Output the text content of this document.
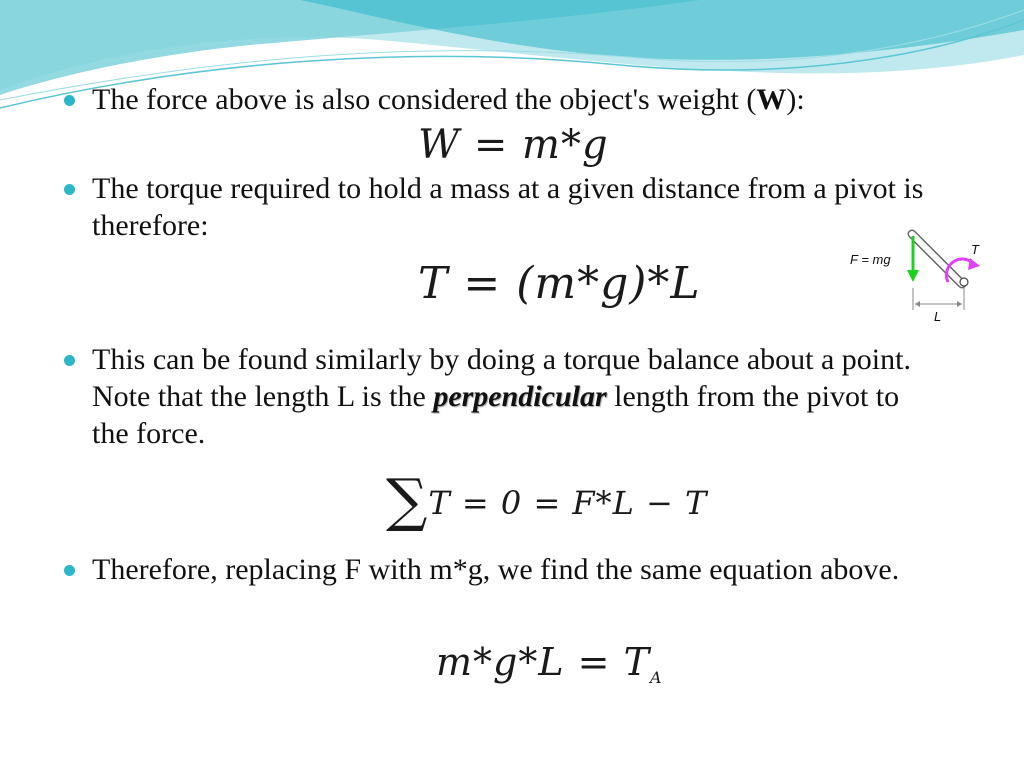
The force above is also considered the object's weight (W):
W = m*g
The torque required to hold a mass at a given distance from a pivot is therefore:
T = (m*g)*L	F = mg
T
L
This can be found similarly by doing a torque balance about a point. Note that the length L is the perpendicular length from the pivot to the force.
∑T = 0 = F*L − T
Therefore, replacing F with m*g, we find the same equation above.
$m*g*L = T_A$
